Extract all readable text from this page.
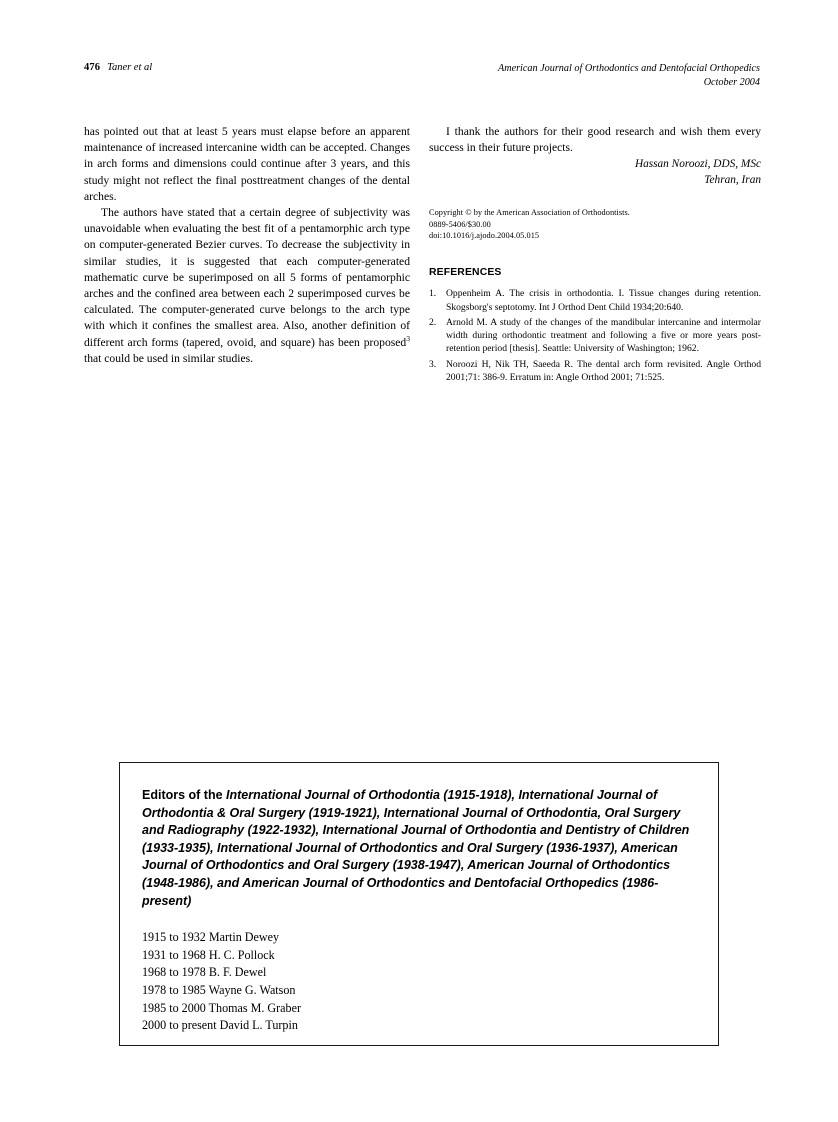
476 Taner et al	American Journal of Orthodontics and Dentofacial Orthopedics
October 2004

has pointed out that at least 5 years must elapse before an apparent maintenance of increased intercanine width can be accepted. Changes in arch forms and dimensions could continue after 3 years, and this study might not reflect the final posttreatment changes of the dental arches.

The authors have stated that a certain degree of subjectivity was unavoidable when evaluating the best fit of a pentamorphic arch type on computer-generated Bezier curves. To decrease the subjectivity in similar studies, it is suggested that each computer-generated mathematic curve be superimposed on all 5 forms of pentamorphic arches and the confined area between each 2 superimposed curves be calculated. The computer-generated curve belongs to the arch type with which it confines the smallest area. Also, another definition of different arch forms (tapered, ovoid, and square) has been proposed$^3$ that could be used in similar studies.

I thank the authors for their good research and wish them every success in their future projects.

Hassan Noroozi, DDS, MSc
Tehran, Iran
Copyright © by the American Association of Orthodontists.
0889-5406/$30.00
doi:10.1016/j.ajodo.2004.05.015
REFERENCES
Oppenheim A. The crisis in orthodontia. I. Tissue changes during retention. Skogsborg's septotomy. Int J Orthod Dent Child 1934;20:640.
Arnold M. A study of the changes of the mandibular intercanine and intermolar width during orthodontic treatment and following a five or more years post-retention period [thesis]. Seattle: University of Washington; 1962.
Noroozi H, Nik TH, Saeeda R. The dental arch form revisited. Angle Orthod 2001;71: 386-9. Erratum in: Angle Orthod 2001; 71:525.

Editors of the International Journal of Orthodontia (1915-1918), International Journal of Orthodontia & Oral Surgery (1919-1921), International Journal of Orthodontia, Oral Surgery and Radiography (1922-1932), International Journal of Orthodontia and Dentistry of Children (1933-1935), International Journal of Orthodontics and Oral Surgery (1936-1937), American Journal of Orthodontics and Oral Surgery (1938-1947), American Journal of Orthodontics (1948-1986), and American Journal of Orthodontics and Dentofacial Orthopedics (1986-present)

1915 to 1932 Martin Dewey
1931 to 1968 H. C. Pollock
1968 to 1978 B. F. Dewel
1978 to 1985 Wayne G. Watson
1985 to 2000 Thomas M. Graber
2000 to present David L. Turpin
